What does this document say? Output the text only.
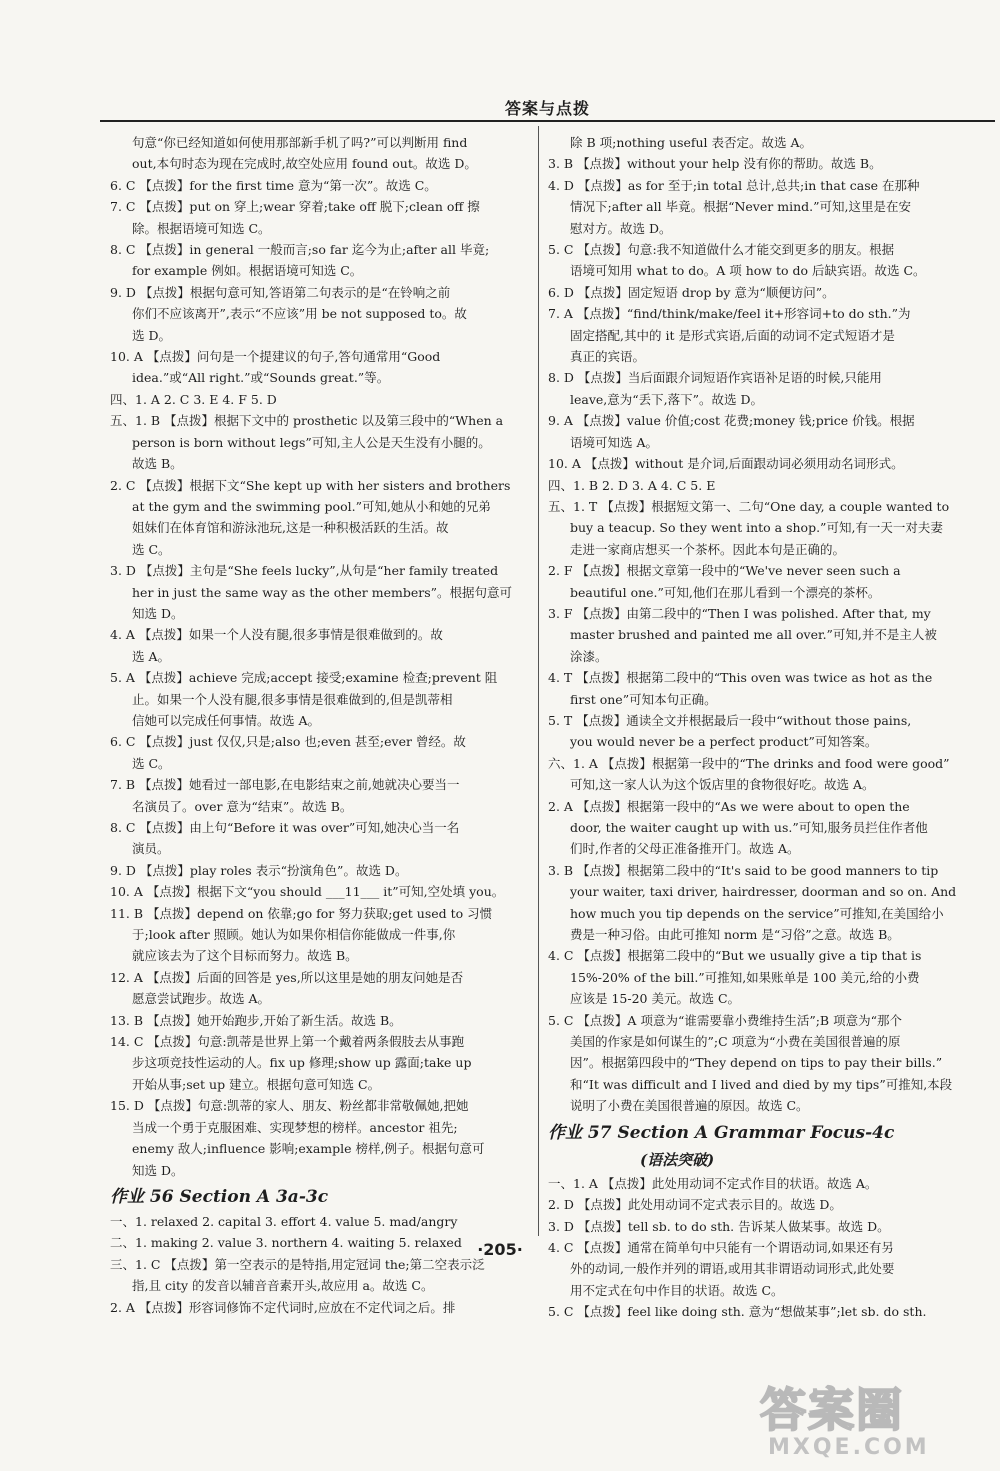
答案与点拨
句意“你已经知道如何使用那部新手机了吗?”可以判断用 find
out,本句时态为现在完成时,故空处应用 found out。故选 D。
6. C 【点拨】for the first time 意为“第一次”。故选 C。
7. C 【点拨】put on 穿上;wear 穿着;take off 脱下;clean off 擦
除。根据语境可知选 C。
8. C 【点拨】in general 一般而言;so far 迄今为止;after all 毕竟;
for example 例如。根据语境可知选 C。
9. D 【点拨】根据句意可知,答语第二句表示的是“在铃响之前
你们不应该离开”,表示“不应该”用 be not supposed to。故
选 D。
10. A 【点拨】问句是一个提建议的句子,答句通常用“Good
idea.”或“All right.”或“Sounds great.”等。
四、1. A 2. C 3. E 4. F 5. D
五、1. B 【点拨】根据下文中的 prosthetic 以及第三段中的“When a
person is born without legs”可知,主人公是天生没有小腿的。
故选 B。
2. C 【点拨】根据下文“She kept up with her sisters and brothers
at the gym and the swimming pool.”可知,她从小和她的兄弟
姐妹们在体育馆和游泳池玩,这是一种积极活跃的生活。故
选 C。
3. D 【点拨】主句是“She feels lucky”,从句是“her family treated
her in just the same way as the other members”。根据句意可
知选 D。
4. A 【点拨】如果一个人没有腿,很多事情是很难做到的。故
选 A。
5. A 【点拨】achieve 完成;accept 接受;examine 检查;prevent 阻
止。如果一个人没有腿,很多事情是很难做到的,但是凯蒂相
信她可以完成任何事情。故选 A。
6. C 【点拨】just 仅仅,只是;also 也;even 甚至;ever 曾经。故
选 C。
7. B 【点拨】她看过一部电影,在电影结束之前,她就决心要当一
名演员了。over 意为“结束”。故选 B。
8. C 【点拨】由上句“Before it was over”可知,她决心当一名
演员。
9. D 【点拨】play roles 表示“扮演角色”。故选 D。
10. A 【点拨】根据下文“you should ___11___ it”可知,空处填 you。
11. B 【点拨】depend on 依靠;go for 努力获取;get used to 习惯
于;look after 照顾。她认为如果你相信你能做成一件事,你
就应该去为了这个目标而努力。故选 B。
12. A 【点拨】后面的回答是 yes,所以这里是她的朋友问她是否
愿意尝试跑步。故选 A。
13. B 【点拨】她开始跑步,开始了新生活。故选 B。
14. C 【点拨】句意:凯蒂是世界上第一个戴着两条假肢去从事跑
步这项竞技性运动的人。fix up 修理;show up 露面;take up
开始从事;set up 建立。根据句意可知选 C。
15. D 【点拨】句意:凯蒂的家人、朋友、粉丝都非常敬佩她,把她
当成一个勇于克服困难、实现梦想的榜样。ancestor 祖先;
enemy 敌人;influence 影响;example 榜样,例子。根据句意可
知选 D。
作业 56 Section A 3a-3c
一、1. relaxed 2. capital 3. effort 4. value 5. mad/angry
二、1. making 2. value 3. northern 4. waiting 5. relaxed
三、1. C 【点拨】第一空表示的是特指,用定冠词 the;第二空表示泛
指,且 city 的发音以辅音音素开头,故应用 a。故选 C。
2. A 【点拨】形容词修饰不定代词时,应放在不定代词之后。排
除 B 项;nothing useful 表否定。故选 A。
3. B 【点拨】without your help 没有你的帮助。故选 B。
4. D 【点拨】as for 至于;in total 总计,总共;in that case 在那种
情况下;after all 毕竟。根据“Never mind.”可知,这里是在安
慰对方。故选 D。
5. C 【点拨】句意:我不知道做什么才能交到更多的朋友。根据
语境可知用 what to do。A 项 how to do 后缺宾语。故选 C。
6. D 【点拨】固定短语 drop by 意为“顺便访问”。
7. A 【点拨】“find/think/make/feel it+形容词+to do sth.”为
固定搭配,其中的 it 是形式宾语,后面的动词不定式短语才是
真正的宾语。
8. D 【点拨】当后面跟介词短语作宾语补足语的时候,只能用
leave,意为“丢下,落下”。故选 D。
9. A 【点拨】value 价值;cost 花费;money 钱;price 价钱。根据
语境可知选 A。
10. A 【点拨】without 是介词,后面跟动词必须用动名词形式。
四、1. B 2. D 3. A 4. C 5. E
五、1. T 【点拨】根据短文第一、二句“One day, a couple wanted to
buy a teacup. So they went into a shop.”可知,有一天一对夫妻
走进一家商店想买一个茶杯。因此本句是正确的。
2. F 【点拨】根据文章第一段中的“We've never seen such a
beautiful one.”可知,他们在那儿看到一个漂亮的茶杯。
3. F 【点拨】由第二段中的“Then I was polished. After that, my
master brushed and painted me all over.”可知,并不是主人被
涂漆。
4. T 【点拨】根据第二段中的“This oven was twice as hot as the
first one”可知本句正确。
5. T 【点拨】通读全文并根据最后一段中“without those pains,
you would never be a perfect product”可知答案。
六、1. A 【点拨】根据第一段中的“The drinks and food were good”
可知,这一家人认为这个饭店里的食物很好吃。故选 A。
2. A 【点拨】根据第一段中的“As we were about to open the
door, the waiter caught up with us.”可知,服务员拦住作者他
们时,作者的父母正准备推开门。故选 A。
3. B 【点拨】根据第二段中的“It's said to be good manners to tip
your waiter, taxi driver, hairdresser, doorman and so on. And
how much you tip depends on the service”可推知,在美国给小
费是一种习俗。由此可推知 norm 是“习俗”之意。故选 B。
4. C 【点拨】根据第二段中的“But we usually give a tip that is
15%-20% of the bill.”可推知,如果账单是 100 美元,给的小费
应该是 15-20 美元。故选 C。
5. C 【点拨】A 项意为“谁需要靠小费维持生活”;B 项意为“那个
美国的作家是如何谋生的”;C 项意为“小费在美国很普遍的原
因”。根据第四段中的“They depend on tips to pay their bills.”
和“It was difficult and I lived and died by my tips”可推知,本段
说明了小费在美国很普遍的原因。故选 C。
作业 57 Section A Grammar Focus-4c
(语法突破)
一、1. A 【点拨】此处用动词不定式作目的状语。故选 A。
2. D 【点拨】此处用动词不定式表示目的。故选 D。
3. D 【点拨】tell sb. to do sth. 告诉某人做某事。故选 D。
4. C 【点拨】通常在简单句中只能有一个谓语动词,如果还有另
外的动词,一般作并列的谓语,或用其非谓语动词形式,此处要
用不定式在句中作目的状语。故选 C。
5. C 【点拨】feel like doing sth. 意为“想做某事”;let sb. do sth.
·205·
答案圈
MXQE.COM
